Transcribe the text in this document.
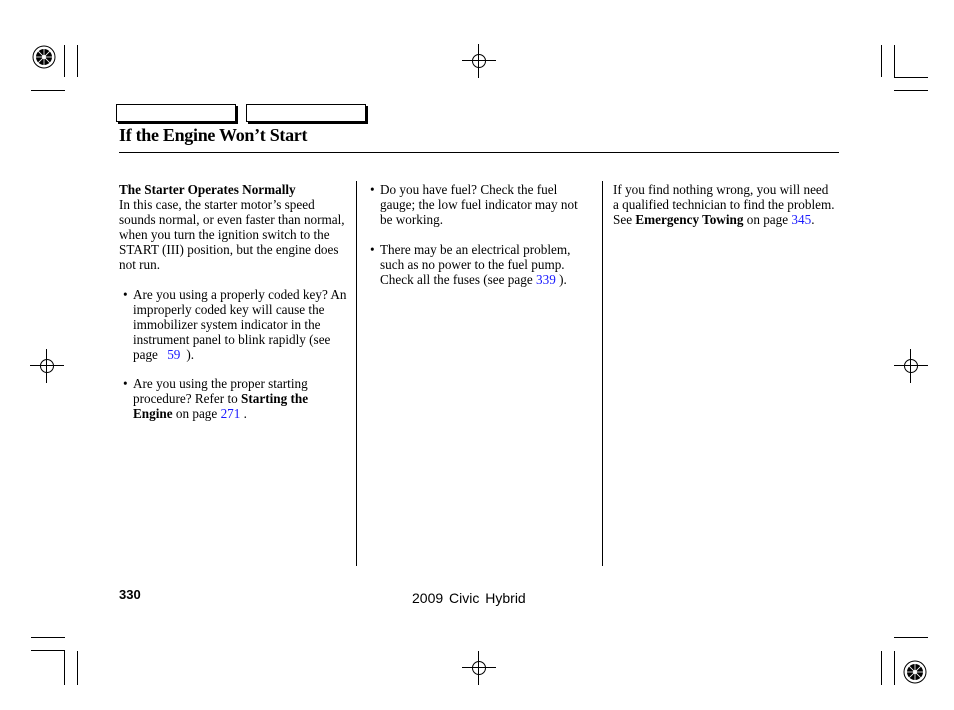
If the Engine Won’t Start

The Starter Operates Normally

In this case, the starter motor’s speed sounds normal, or even faster than normal, when you turn the ignition switch to the START (III) position, but the engine does not run.

• Are you using a properly coded key? An improperly coded key will cause the immobilizer system indicator in the instrument panel to blink rapidly (see page 59 ).
• Are you using the proper starting procedure? Refer to Starting the Engine on page 271 .
• Do you have fuel? Check the fuel gauge; the low fuel indicator may not be working.
• There may be an electrical problem, such as no power to the fuel pump. Check all the fuses (see page 339 ).

If you find nothing wrong, you will need a qualified technician to find the problem. See Emergency Towing on page 345.

330	2009 Civic Hybrid
